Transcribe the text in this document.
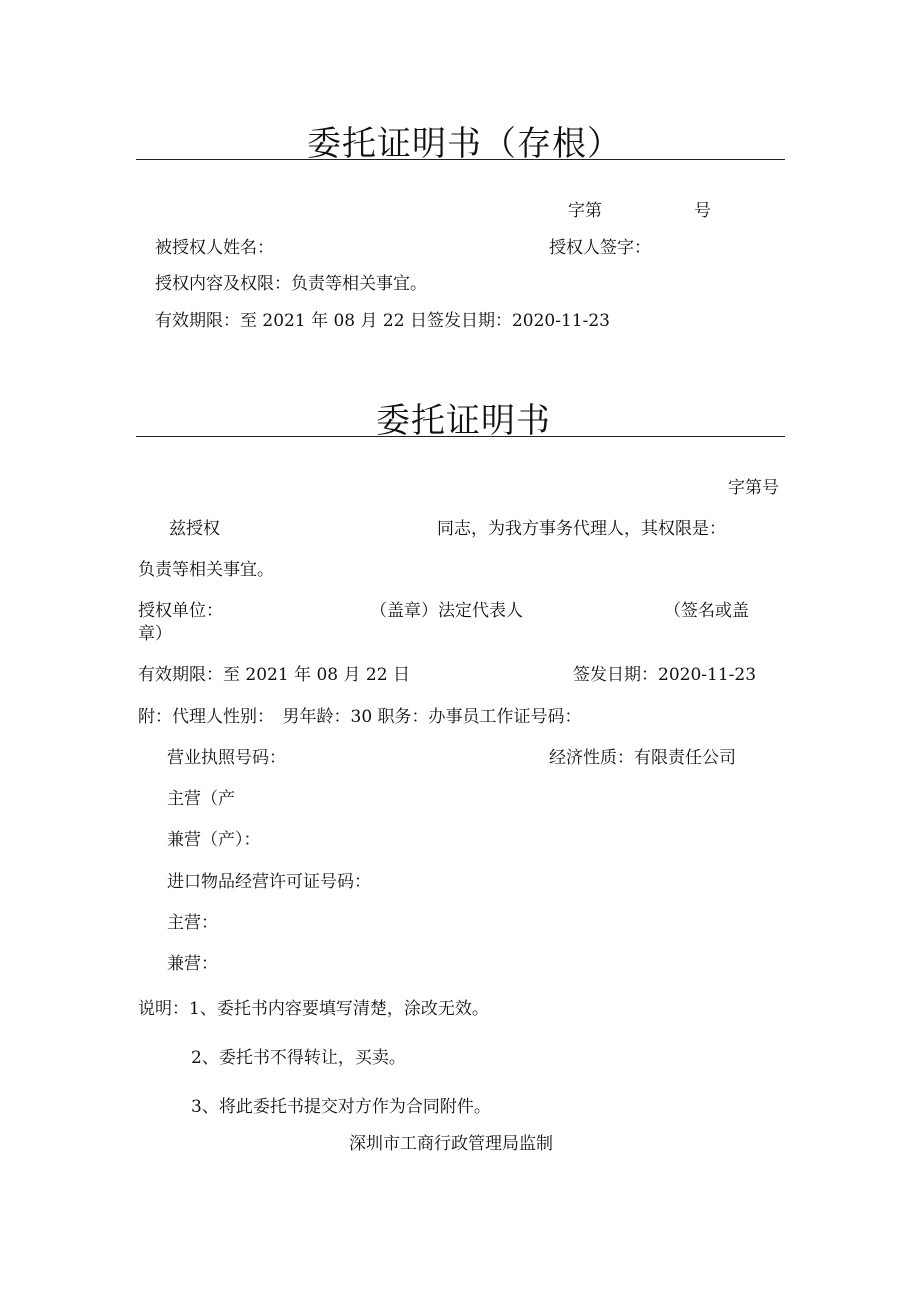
委托证明书（存根）
字第	号
被授权人姓名：	授权人签字：
授权内容及权限：负责等相关事宜。
有效期限：至 2021 年 08 月 22 日签发日期：2020-11-23
委托证明书
字第号
兹授权	同志，为我方事务代理人，其权限是：
负责等相关事宜。
授权单位：	（盖章）法定代表人	（签名或盖
章）
有效期限：至 2021 年 08 月 22 日	签发日期：2020-11-23
附：代理人性别：　男年龄：30 职务：办事员工作证号码：
营业执照号码：	经济性质：有限责任公司
主营（产
兼营（产）：
进口物品经营许可证号码：
主营：
兼营：
说明：1、委托书内容要填写清楚，涂改无效。
2、委托书不得转让，买卖。
3、将此委托书提交对方作为合同附件。
深圳市工商行政管理局监制
